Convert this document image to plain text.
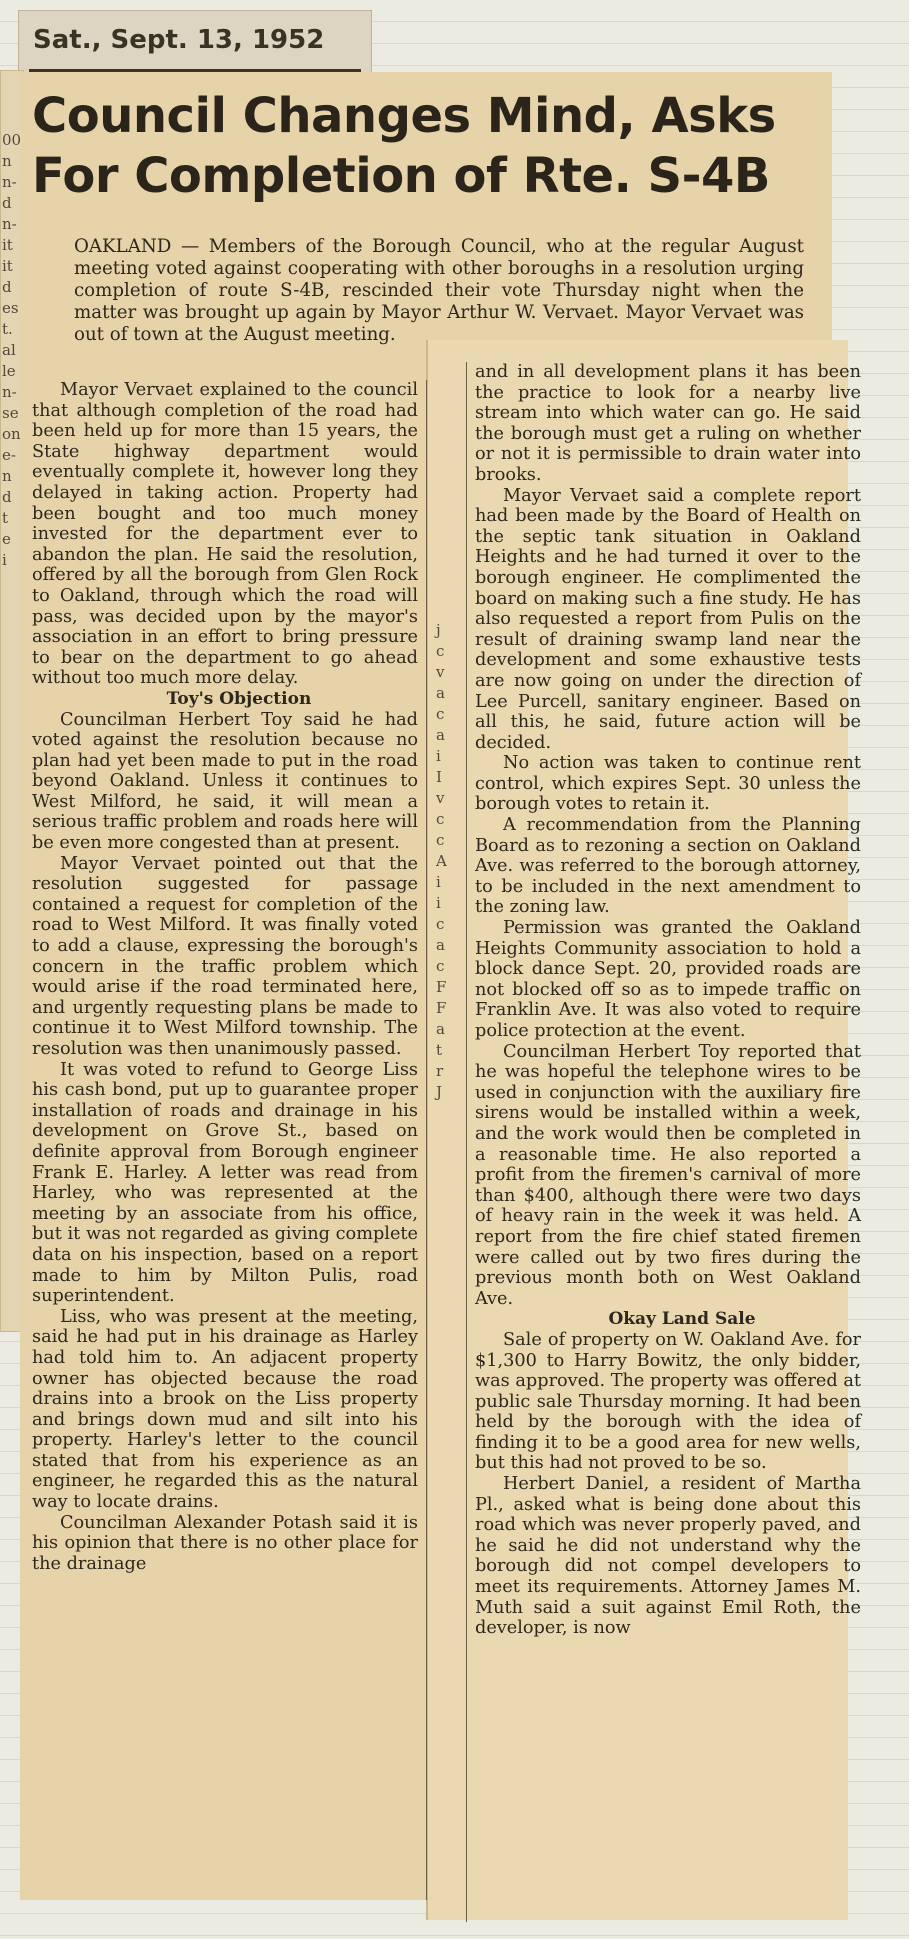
Sat., Sept. 13, 1952
Council Changes Mind, Asks For Completion of Rte. S-4B

OAKLAND — Members of the Borough Council, who at the regular August meeting voted against cooperating with other boroughs in a resolution urging completion of route S-4B, rescinded their vote Thursday night when the matter was brought up again by Mayor Arthur W. Vervaet. Mayor Vervaet was out of town at the August meeting.

Mayor Vervaet explained to the council that although completion of the road had been held up for more than 15 years, the State highway department would eventually complete it, however long they delayed in taking action. Property had been bought and too much money invested for the department ever to abandon the plan. He said the resolution, offered by all the borough from Glen Rock to Oakland, through which the road will pass, was decided upon by the mayor's association in an effort to bring pressure to bear on the department to go ahead without too much more delay.

Toy's Objection

Councilman Herbert Toy said he had voted against the resolution because no plan had yet been made to put in the road beyond Oakland. Unless it continues to West Milford, he said, it will mean a serious traffic problem and roads here will be even more congested than at present.

Mayor Vervaet pointed out that the resolution suggested for passage contained a request for completion of the road to West Milford. It was finally voted to add a clause, expressing the borough's concern in the traffic problem which would arise if the road terminated here, and urgently requesting plans be made to continue it to West Milford township. The resolution was then unanimously passed.

It was voted to refund to George Liss his cash bond, put up to guarantee proper installation of roads and drainage in his development on Grove St., based on definite approval from Borough engineer Frank E. Harley. A letter was read from Harley, who was represented at the meeting by an associate from his office, but it was not regarded as giving complete data on his inspection, based on a report made to him by Milton Pulis, road superintendent.

Liss, who was present at the meeting, said he had put in his drainage as Harley had told him to. An adjacent property owner has objected because the road drains into a brook on the Liss property and brings down mud and silt into his property. Harley's letter to the council stated that from his experience as an engineer, he regarded this as the natural way to locate drains.

Councilman Alexander Potash said it is his opinion that there is no other place for the drainage

and in all development plans it has been the practice to look for a nearby live stream into which water can go. He said the borough must get a ruling on whether or not it is permissible to drain water into brooks.

Mayor Vervaet said a complete report had been made by the Board of Health on the septic tank situation in Oakland Heights and he had turned it over to the borough engineer. He complimented the board on making such a fine study. He has also requested a report from Pulis on the result of draining swamp land near the development and some exhaustive tests are now going on under the direction of Lee Purcell, sanitary engineer. Based on all this, he said, future action will be decided.

No action was taken to continue rent control, which expires Sept. 30 unless the borough votes to retain it.

A recommendation from the Planning Board as to rezoning a section on Oakland Ave. was referred to the borough attorney, to be included in the next amendment to the zoning law.

Permission was granted the Oakland Heights Community association to hold a block dance Sept. 20, provided roads are not blocked off so as to impede traffic on Franklin Ave. It was also voted to require police protection at the event.

Councilman Herbert Toy reported that he was hopeful the telephone wires to be used in conjunction with the auxiliary fire sirens would be installed within a week, and the work would then be completed in a reasonable time. He also reported a profit from the firemen's carnival of more than $400, although there were two days of heavy rain in the week it was held. A report from the fire chief stated firemen were called out by two fires during the previous month both on West Oakland Ave.

Okay Land Sale

Sale of property on W. Oakland Ave. for $1,300 to Harry Bowitz, the only bidder, was approved. The property was offered at public sale Thursday morning. It had been held by the borough with the idea of finding it to be a good area for new wells, but this had not proved to be so.

Herbert Daniel, a resident of Martha Pl., asked what is being done about this road which was never properly paved, and he said he did not understand why the borough did not compel developers to meet its requirements. Attorney James M. Muth said a suit against Emil Roth, the developer, is now

00
n
n-
d
n-
it
it
d
es
t.
al
le
n-
se
on
e-
n
d
t
e
i
j
c
v
a
c
a
i
I
v
c
c
A
i
i
c
a
c
F
F
a
t
r
J
